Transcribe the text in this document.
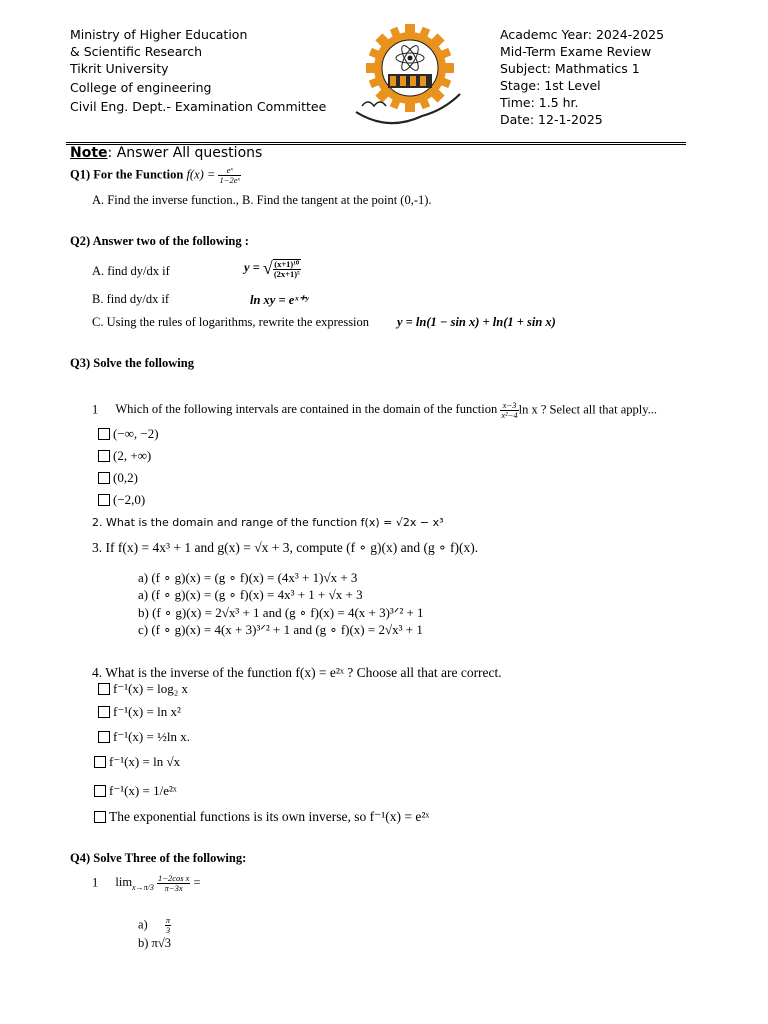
Ministry of Higher Education
& Scientific Research
Tikrit University
College of engineering
Civil Eng. Dept.- Examination Committee
Academc Year: 2024-2025
Mid-Term Exame Review
Subject: Mathmatics 1
Stage: 1st Level
Time: 1.5 hr.
Date: 12-1-2025
Note: Answer All questions
Q1) For the Function $f(x) = \frac{\text{eˣ}}{\text{1−2eˣ}}$
A. Find the inverse function., B. Find the tangent at the point (0,-1).
Q2) Answer two of the following :
A. find dy/dx if	y = √ $\frac{\text{(x+1)¹⁰}}{\text{(2x+1)⁵}}$
B. find dy/dx if	ln xy = eˣ⁺ʸ
C. Using the rules of logarithms, rewrite the expression y = ln(1 − sin x) + ln(1 + sin x)
Q3) Solve the following
1 Which of the following intervals are contained in the domain of the function $\frac{x-3}{\text{x²−4}}$ ln x ? Select all that apply...
(−∞, −2)
(2, +∞)
(0,2)
(−2,0)
2. What is the domain and range of the function f(x) = √2x − x³
3. If f(x) = 4x³ + 1 and g(x) = √x + 3, compute (f ∘ g)(x) and (g ∘ f)(x).
a) (f ∘ g)(x) = (g ∘ f)(x) = (4x³ + 1)√x + 3
a) (f ∘ g)(x) = (g ∘ f)(x) = 4x³ + 1 + √x + 3
b) (f ∘ g)(x) = 2√x³ + 1 and (g ∘ f)(x) = 4(x + 3)³ᐟ² + 1
c) (f ∘ g)(x) = 4(x + 3)³ᐟ² + 1 and (g ∘ f)(x) = 2√x³ + 1
4. What is the inverse of the function f(x) = e²ˣ ? Choose all that are correct.
f⁻¹(x) = log₂ x
f⁻¹(x) = ln x²
f⁻¹(x) = ½ln x.
f⁻¹(x) = ln √x
f⁻¹(x) = 1/e²ˣ
The exponential functions is its own inverse, so f⁻¹(x) = e²ˣ
Q4) Solve Three of the following:
1 $\lim_{x\to\pi/3} \frac{\text{1−2cos x}}{\pi-3x}$ =
$a) \frac{\pi}{3}$
b) π√3
